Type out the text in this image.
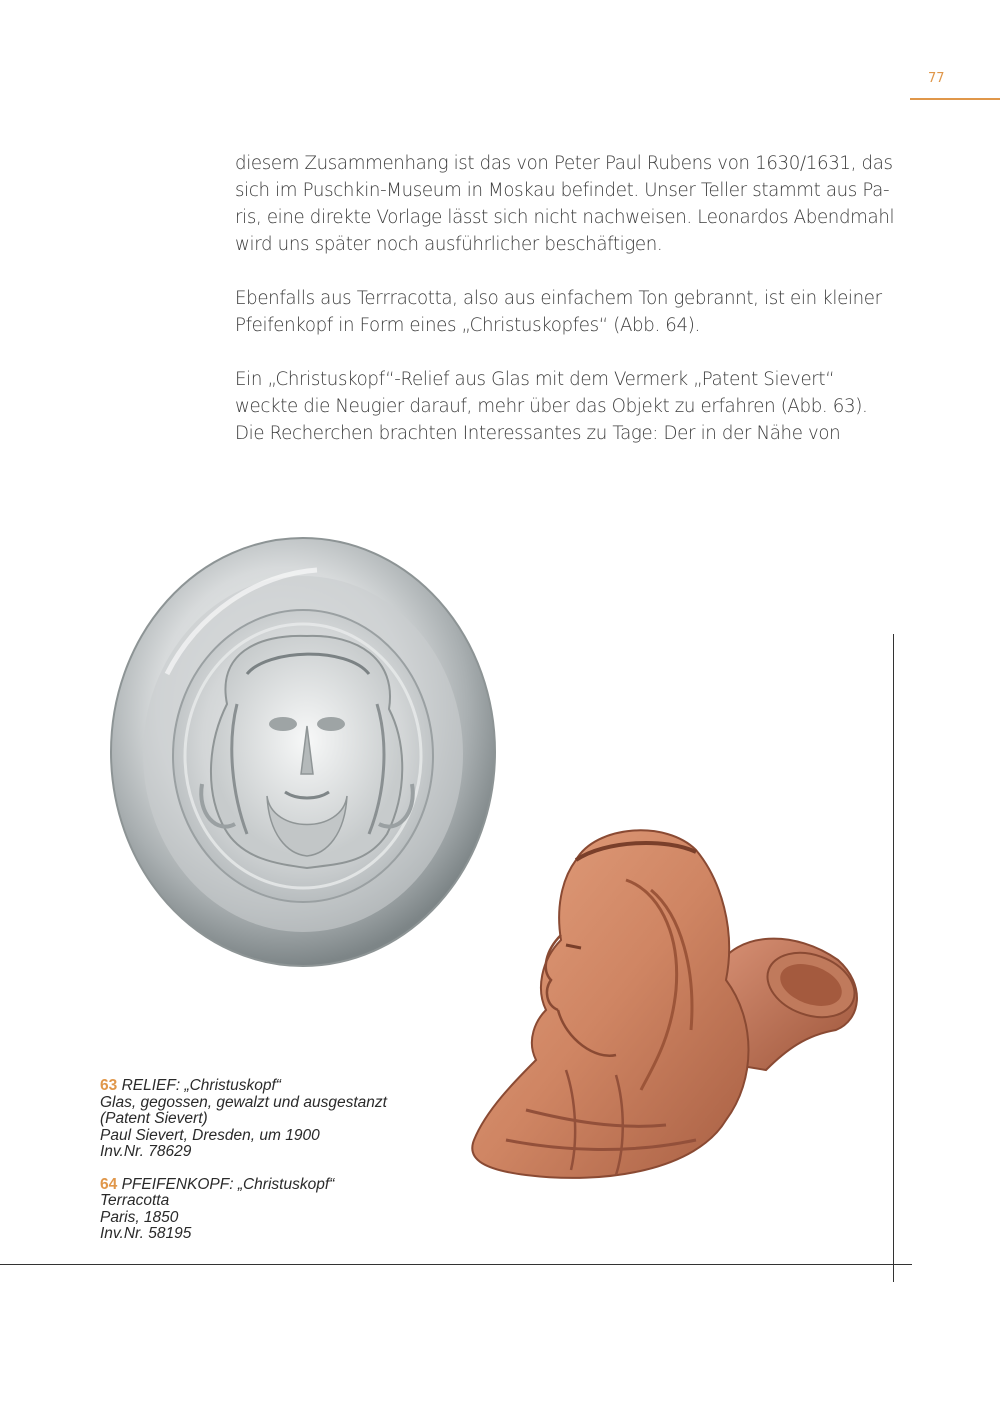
77

diesem Zusammenhang ist das von Peter Paul Rubens von 1630/1631, das
sich im Puschkin-Museum in Moskau befindet. Unser Teller stammt aus Pa-
ris, eine direkte Vorlage lässt sich nicht nachweisen. Leonardos Abendmahl
wird uns später noch ausführlicher beschäftigen.

Ebenfalls aus Terrracotta, also aus einfachem Ton gebrannt, ist ein kleiner
Pfeifenkopf in Form eines „Christuskopfes“ (Abb. 64).

Ein „Christuskopf“-Relief aus Glas mit dem Vermerk „Patent Sievert“
weckte die Neugier darauf, mehr über das Objekt zu erfahren (Abb. 63).
Die Recherchen brachten Interessantes zu Tage: Der in der Nähe von

63 RELIEF: „Christuskopf“
Glas, gegossen, gewalzt und ausgestanzt
(Patent Sievert)
Paul Sievert, Dresden, um 1900
Inv.Nr. 78629
64 PFEIFENKOPF: „Christuskopf“
Terracotta
Paris, 1850
Inv.Nr. 58195
